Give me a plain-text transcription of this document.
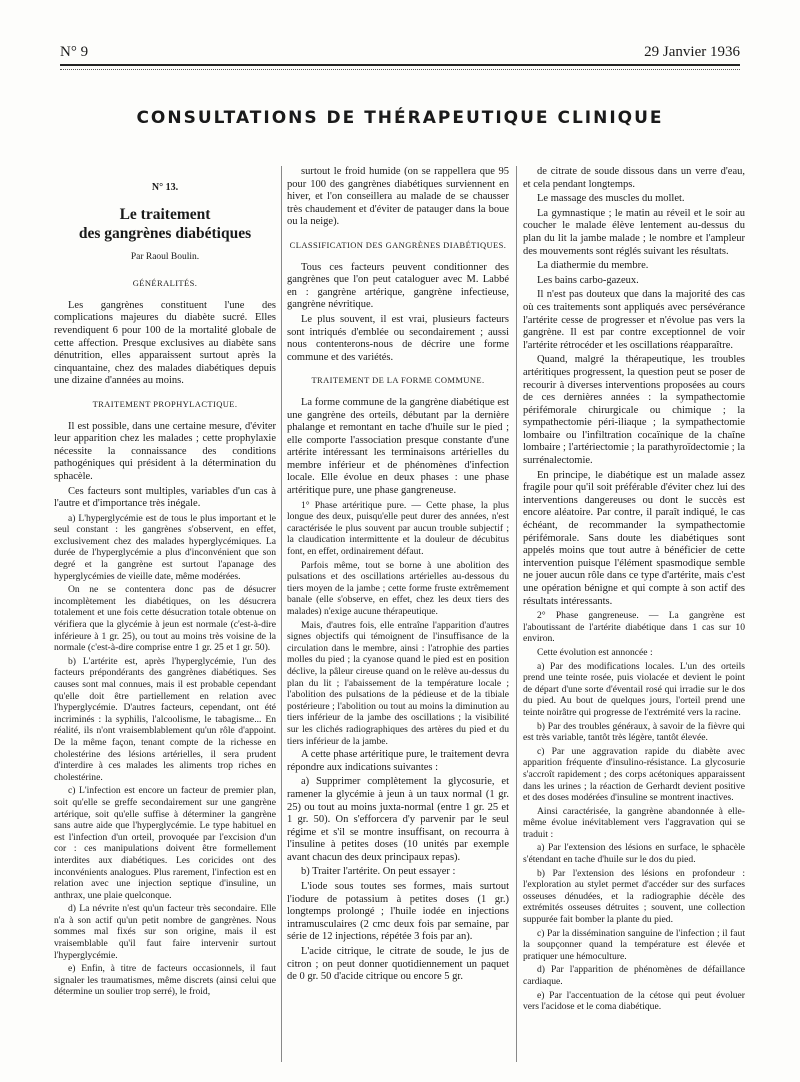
N° 9	29 Janvier 1936
CONSULTATIONS DE THÉRAPEUTIQUE CLINIQUE

N° 13.

Le traitement
des gangrènes diabétiques

Par Raoul Boulin.

GÉNÉRALITÉS.

Les gangrènes constituent l'une des complications majeures du diabète sucré. Elles revendiquent 6 pour 100 de la mortalité globale de cette affection. Presque exclusives au diabète sans dénutrition, elles apparaissent surtout après la cinquantaine, chez des malades diabétiques depuis une dizaine d'années au moins.

TRAITEMENT PROPHYLACTIQUE.

Il est possible, dans une certaine mesure, d'éviter leur apparition chez les malades ; cette prophylaxie nécessite la connaissance des conditions pathogéniques qui président à la détermination du sphacèle.

Ces facteurs sont multiples, variables d'un cas à l'autre et d'importance très inégale.

a) L'hyperglycémie est de tous le plus important et le seul constant : les gangrènes s'observent, en effet, exclusivement chez des malades hyperglycémiques. La durée de l'hyperglycémie a plus d'inconvénient que son degré et la gangrène est surtout l'apanage des hyperglycémies de vieille date, même modérées.

On ne se contentera donc pas de désucrer incomplètement les diabétiques, on les désucrera totalement et une fois cette désucration totale obtenue on vérifiera que la glycémie à jeun est normale (c'est-à-dire inférieure à 1 gr. 25), ou tout au moins très voisine de la normale (c'est-à-dire comprise entre 1 gr. 25 et 1 gr. 50).

b) L'artérite est, après l'hyperglycémie, l'un des facteurs prépondérants des gangrènes diabétiques. Ses causes sont mal connues, mais il est probable cependant qu'elle doit être partiellement en relation avec l'hyperglycémie. D'autres facteurs, cependant, ont été incriminés : la syphilis, l'alcoolisme, le tabagisme... En réalité, ils n'ont vraisemblablement qu'un rôle d'appoint. De la même façon, tenant compte de la richesse en cholestérine des lésions artérielles, il sera prudent d'interdire à ces malades les aliments trop riches en cholestérine.

c) L'infection est encore un facteur de premier plan, soit qu'elle se greffe secondairement sur une gangrène artérique, soit qu'elle suffise à déterminer la gangrène sans autre aide que l'hyperglycémie. Le type habituel en est l'infection d'un orteil, provoquée par l'excision d'un cor : ces manipulations doivent être formellement interdites aux diabétiques. Les coricides ont des inconvénients analogues. Plus rarement, l'infection est en relation avec une injection septique d'insuline, un anthrax, une plaie quelconque.

d) La névrite n'est qu'un facteur très secondaire. Elle n'a à son actif qu'un petit nombre de gangrènes. Nous sommes mal fixés sur son origine, mais il est vraisemblable qu'il faut faire intervenir surtout l'hyperglycémie.

e) Enfin, à titre de facteurs occasionnels, il faut signaler les traumatismes, même discrets (ainsi celui que détermine un soulier trop serré), le froid,

surtout le froid humide (on se rappellera que 95 pour 100 des gangrènes diabétiques surviennent en hiver, et l'on conseillera au malade de se chausser très chaudement et d'éviter de patauger dans la boue ou la neige).

CLASSIFICATION DES GANGRÈNES DIABÉTIQUES.

Tous ces facteurs peuvent conditionner des gangrènes que l'on peut cataloguer avec M. Labbé en : gangrène artérique, gangrène infectieuse, gangrène névritique.

Le plus souvent, il est vrai, plusieurs facteurs sont intriqués d'emblée ou secondairement ; aussi nous contenterons-nous de décrire une forme commune et des variétés.

TRAITEMENT DE LA FORME COMMUNE.

La forme commune de la gangrène diabétique est une gangrène des orteils, débutant par la dernière phalange et remontant en tache d'huile sur le pied ; elle comporte l'association presque constante d'une artérite intéressant les terminaisons artérielles du membre inférieur et de phénomènes d'infection locale. Elle évolue en deux phases : une phase artéritique pure, une phase gangreneuse.

1° Phase artéritique pure. — Cette phase, la plus longue des deux, puisqu'elle peut durer des années, n'est caractérisée le plus souvent par aucun trouble subjectif ; la claudication intermittente et la douleur de décubitus font, en effet, ordinairement défaut.

Parfois même, tout se borne à une abolition des pulsations et des oscillations artérielles au-dessous du tiers moyen de la jambe ; cette forme fruste extrêmement banale (elle s'observe, en effet, chez les deux tiers des malades) n'exige aucune thérapeutique.

Mais, d'autres fois, elle entraîne l'apparition d'autres signes objectifs qui témoignent de l'insuffisance de la circulation dans le membre, ainsi : l'atrophie des parties molles du pied ; la cyanose quand le pied est en position déclive, la pâleur cireuse quand on le relève au-dessus du plan du lit ; l'abaissement de la température locale ; l'abolition des pulsations de la pédieuse et de la tibiale postérieure ; l'abolition ou tout au moins la diminution au tiers inférieur de la jambe des oscillations ; la visibilité sur les clichés radiographiques des artères du pied et du tiers inférieur de la jambe.

A cette phase artéritique pure, le traitement devra répondre aux indications suivantes :

a) Supprimer complètement la glycosurie, et ramener la glycémie à jeun à un taux normal (1 gr. 25) ou tout au moins juxta-normal (entre 1 gr. 25 et 1 gr. 50). On s'efforcera d'y parvenir par le seul régime et s'il se montre insuffisant, on recourra à l'insuline à petites doses (10 unités par exemple avant chacun des deux principaux repas).

b) Traiter l'artérite. On peut essayer :

L'iode sous toutes ses formes, mais surtout l'iodure de potassium à petites doses (1 gr.) longtemps prolongé ; l'huile iodée en injections intramusculaires (2 cmc deux fois par semaine, par série de 12 injections, répétée 3 fois par an).

L'acide citrique, le citrate de soude, le jus de citron ; on peut donner quotidiennement un paquet de 0 gr. 50 d'acide citrique ou encore 5 gr.

de citrate de soude dissous dans un verre d'eau, et cela pendant longtemps.

Le massage des muscles du mollet.

La gymnastique ; le matin au réveil et le soir au coucher le malade élève lentement au-dessus du plan du lit la jambe malade ; le nombre et l'ampleur des mouvements sont réglés suivant les résultats.

La diathermie du membre.

Les bains carbo-gazeux.

Il n'est pas douteux que dans la majorité des cas où ces traitements sont appliqués avec persévérance l'artérite cesse de progresser et n'évolue pas vers la gangrène. Il est par contre exceptionnel de voir l'artérite rétrocéder et les oscillations réapparaître.

Quand, malgré la thérapeutique, les troubles artéritiques progressent, la question peut se poser de recourir à diverses interventions proposées au cours de ces dernières années : la sympathectomie périfémorale chirurgicale ou chimique ; la sympathectomie péri-iliaque ; la sympathectomie lombaire ou l'infiltration cocaïnique de la chaîne lombaire ; l'artériectomie ; la parathyroïdectomie ; la surrénalectomie.

En principe, le diabétique est un malade assez fragile pour qu'il soit préférable d'éviter chez lui des interventions dangereuses ou dont le succès est encore aléatoire. Par contre, il paraît indiqué, le cas échéant, de recommander la sympathectomie périfémorale. Sans doute les diabétiques sont appelés moins que tout autre à bénéficier de cette intervention puisque l'élément spasmodique semble ne jouer aucun rôle dans ce type d'artérite, mais c'est une opération bénigne et qui compte à son actif des résultats intéressants.

2° Phase gangreneuse. — La gangrène est l'aboutissant de l'artérite diabétique dans 1 cas sur 10 environ.

Cette évolution est annoncée :

a) Par des modifications locales. L'un des orteils prend une teinte rosée, puis violacée et devient le point de départ d'une sorte d'éventail rosé qui irradie sur le dos du pied. Au bout de quelques jours, l'orteil prend une teinte noirâtre qui progresse de l'extrémité vers la racine.

b) Par des troubles généraux, à savoir de la fièvre qui est très variable, tantôt très légère, tantôt élevée.

c) Par une aggravation rapide du diabète avec apparition fréquente d'insulino-résistance. La glycosurie s'accroît rapidement ; des corps acétoniques apparaissent dans les urines ; la réaction de Gerhardt devient positive et des doses modérées d'insuline se montrent inactives.

Ainsi caractérisée, la gangrène abandonnée à elle-même évolue inévitablement vers l'aggravation qui se traduit :

a) Par l'extension des lésions en surface, le sphacèle s'étendant en tache d'huile sur le dos du pied.

b) Par l'extension des lésions en profondeur : l'exploration au stylet permet d'accéder sur des surfaces osseuses dénudées, et la radiographie décèle des extrémités osseuses détruites ; souvent, une collection suppurée fait bomber la plante du pied.

c) Par la dissémination sanguine de l'infection ; il faut la soupçonner quand la température est élevée et pratiquer une hémoculture.

d) Par l'apparition de phénomènes de défaillance cardiaque.

e) Par l'accentuation de la cétose qui peut évoluer vers l'acidose et le coma diabétique.
